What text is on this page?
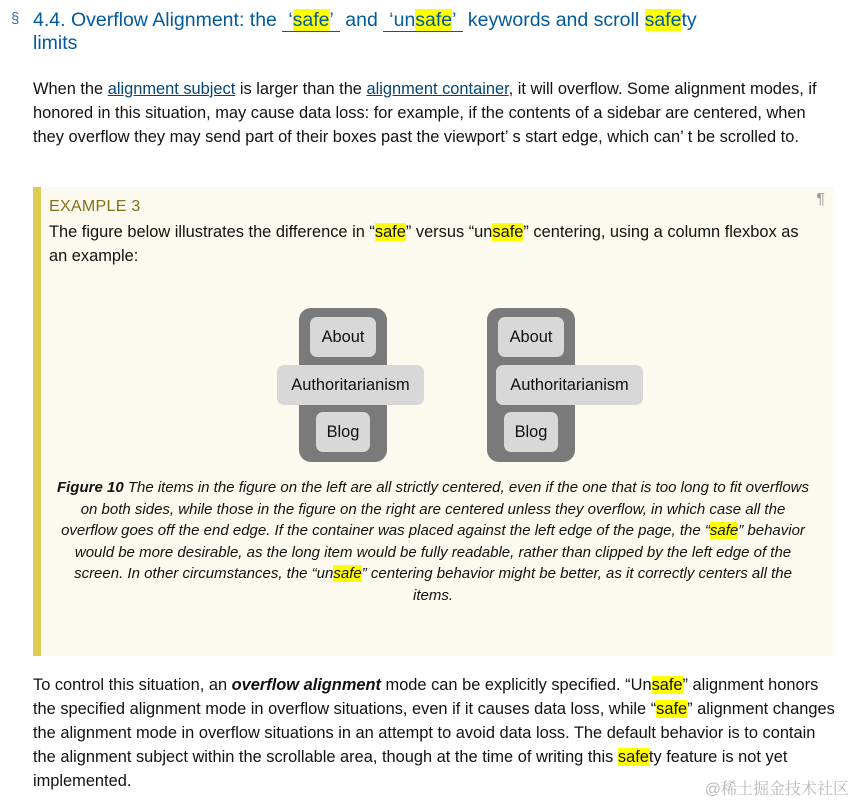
§ 4.4. Overflow Alignment: the ‘safe’ and ‘unsafe’ keywords and scroll safety
limits

When the alignment subject is larger than the alignment container, it will overflow. Some alignment modes, if honored in this situation, may cause data loss: for example, if the contents of a sidebar are centered, when they overflow they may send part of their boxes past the viewport’ s start edge, which can’ t be scrolled to.

EXAMPLE 3	¶

The figure below illustrates the difference in “safe” versus “unsafe” centering, using a column flexbox as an example:

About
Authoritarianism
Blog
About
Authoritarianism
Blog

Figure 10 The items in the figure on the left are all strictly centered, even if the one that is too long to fit overflows on both sides, while those in the figure on the right are centered unless they overflow, in which case all the overflow goes off the end edge. If the container was placed against the left edge of the page, the “safe” behavior would be more desirable, as the long item would be fully readable, rather than clipped by the left edge of the screen. In other circumstances, the “unsafe” centering behavior might be better, as it correctly centers all the items.

To control this situation, an overflow alignment mode can be explicitly specified. “Unsafe” alignment honors the specified alignment mode in overflow situations, even if it causes data loss, while “safe” alignment changes the alignment mode in overflow situations in an attempt to avoid data loss. The default behavior is to contain the alignment subject within the scrollable area, though at the time of writing this safety feature is not yet implemented.	@稀土掘金技术社区
